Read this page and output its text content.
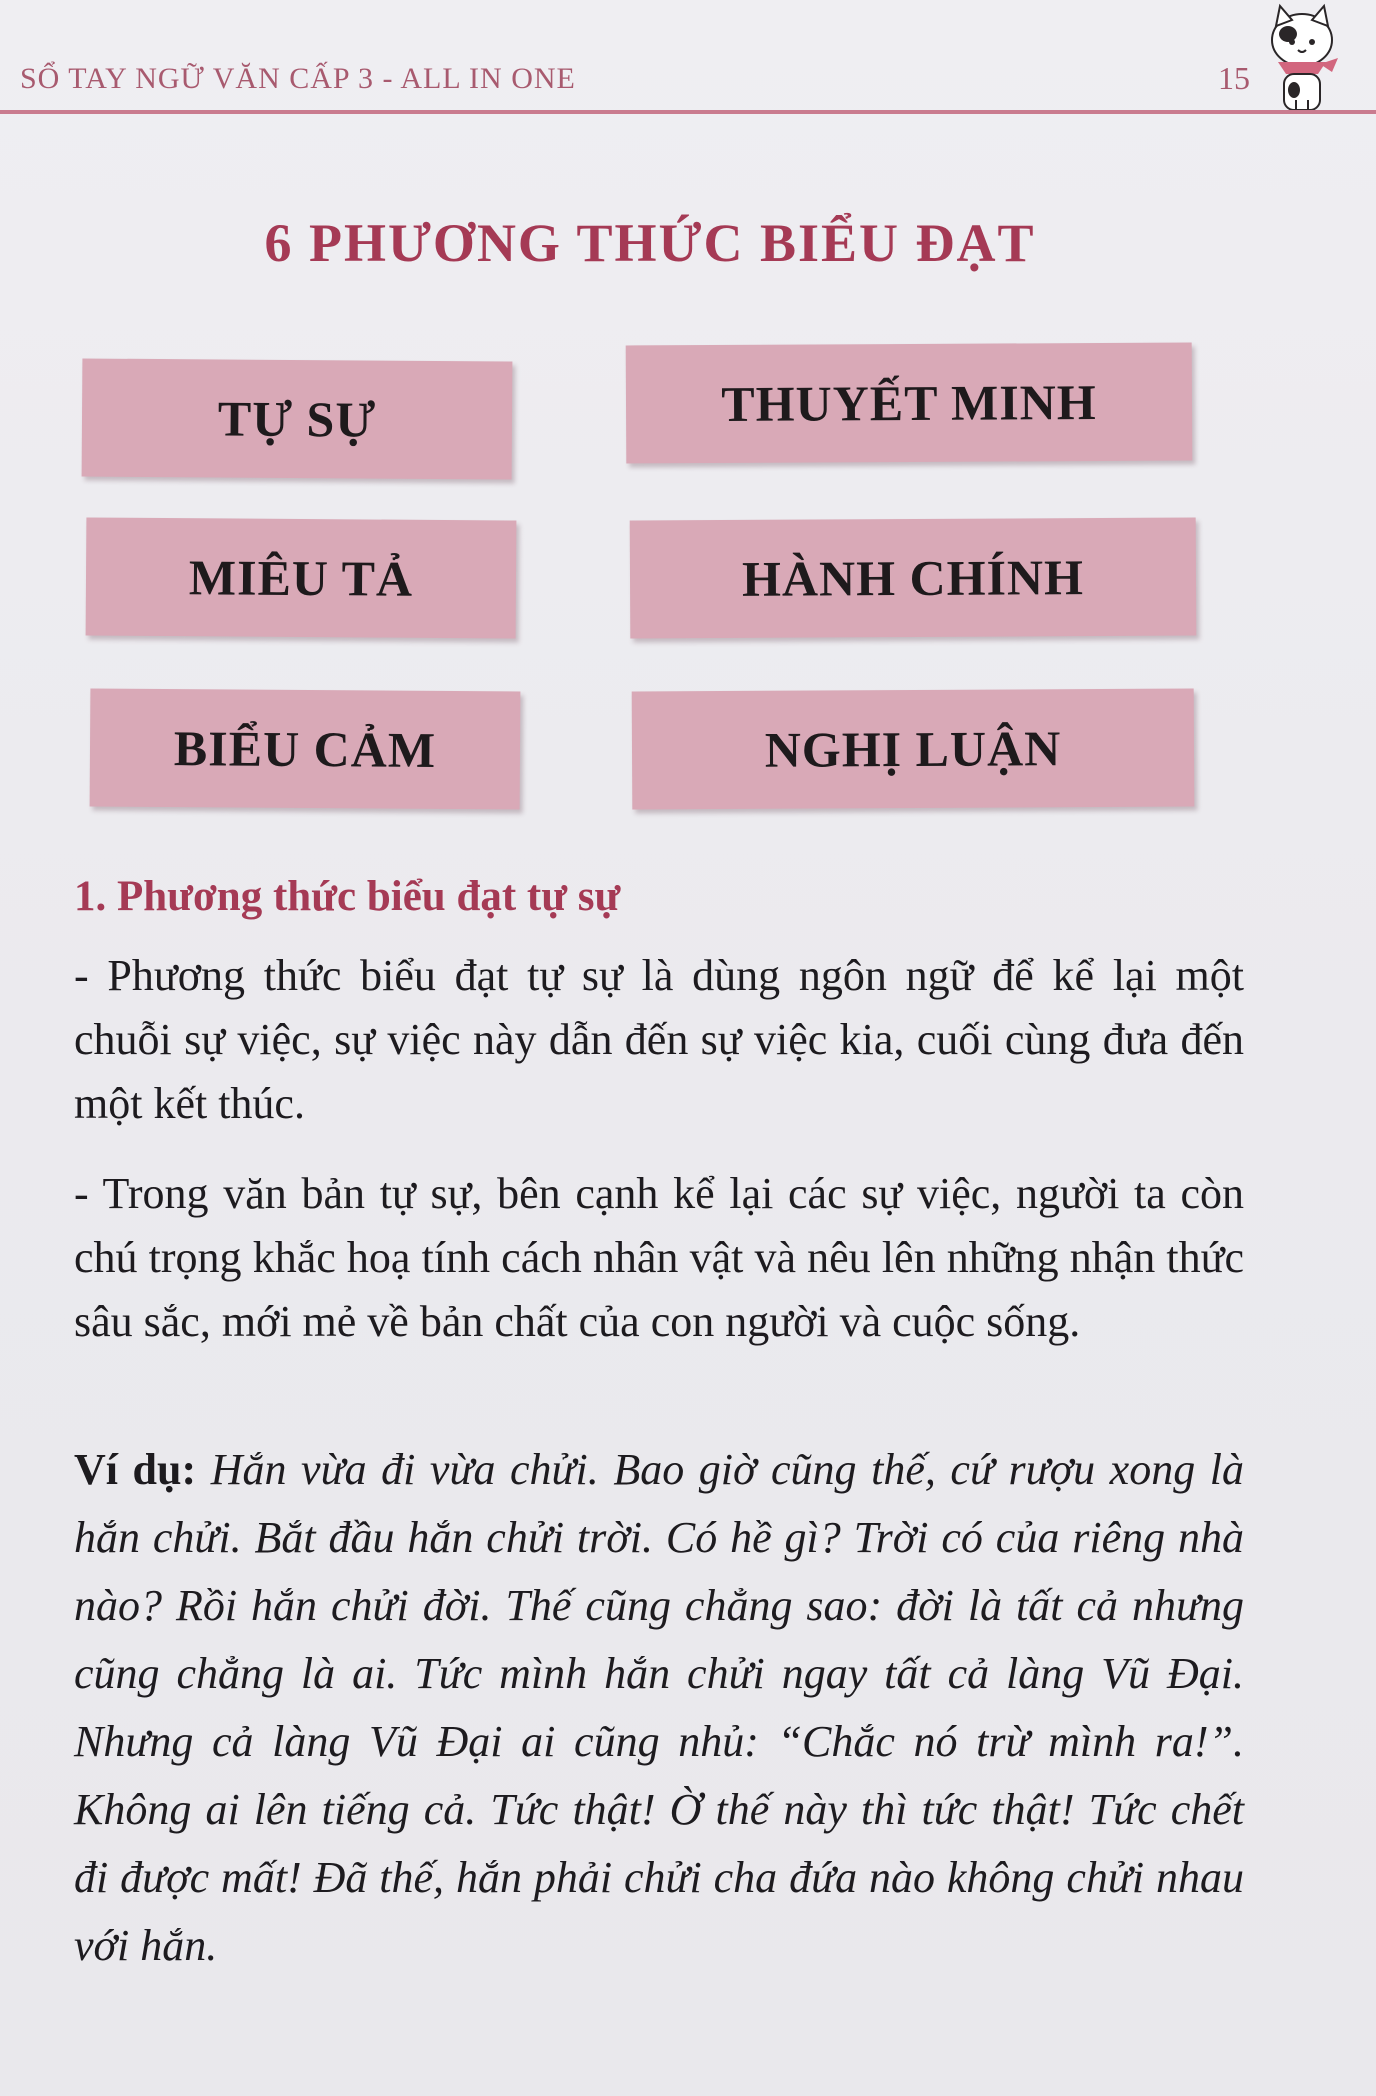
SỔ TAY NGỮ VĂN CẤP 3 - ALL IN ONE	15
6 PHƯƠNG THỨC BIỂU ĐẠT
TỰ SỰ	THUYẾT MINH
MIÊU TẢ	HÀNH CHÍNH
BIỂU CẢM	NGHỊ LUẬN
1. Phương thức biểu đạt tự sự
- Phương thức biểu đạt tự sự là dùng ngôn ngữ để kể lại một chuỗi sự việc, sự việc này dẫn đến sự việc kia, cuối cùng đưa đến một kết thúc.
- Trong văn bản tự sự, bên cạnh kể lại các sự việc, người ta còn chú trọng khắc hoạ tính cách nhân vật và nêu lên những nhận thức sâu sắc, mới mẻ về bản chất của con người và cuộc sống.
Ví dụ: Hắn vừa đi vừa chửi. Bao giờ cũng thế, cứ rượu xong là hắn chửi. Bắt đầu hắn chửi trời. Có hề gì? Trời có của riêng nhà nào? Rồi hắn chửi đời. Thế cũng chẳng sao: đời là tất cả nhưng cũng chẳng là ai. Tức mình hắn chửi ngay tất cả làng Vũ Đại. Nhưng cả làng Vũ Đại ai cũng nhủ: “Chắc nó trừ mình ra!”. Không ai lên tiếng cả. Tức thật! Ờ thế này thì tức thật! Tức chết đi được mất! Đã thế, hắn phải chửi cha đứa nào không chửi nhau với hắn.
